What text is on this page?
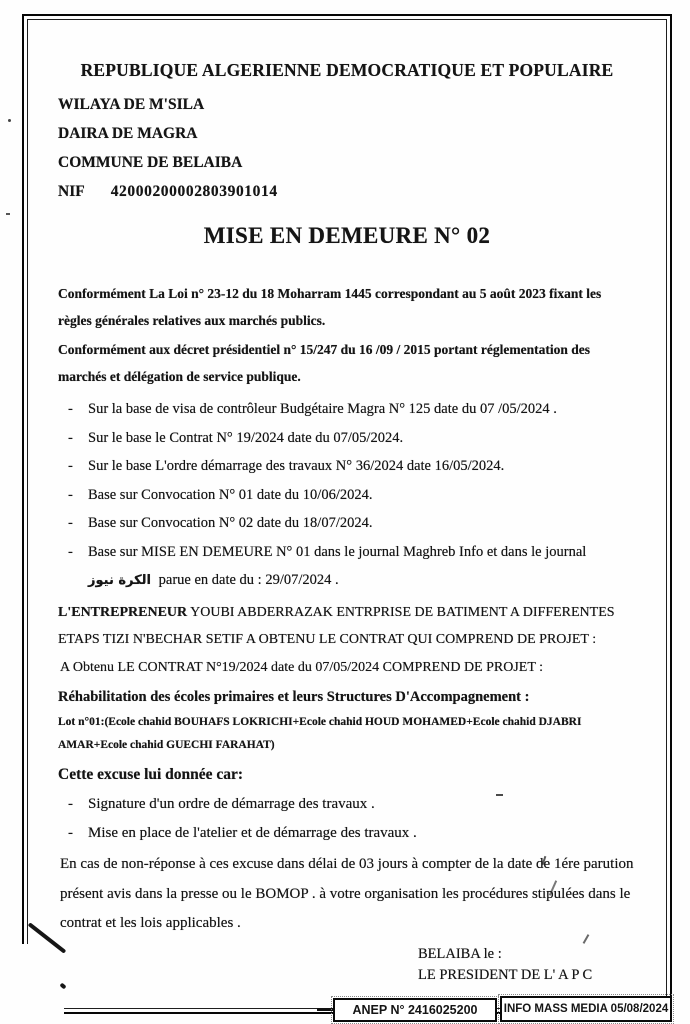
REPUBLIQUE ALGERIENNE DEMOCRATIQUE ET POPULAIRE
WILAYA DE M'SILA
DAIRA DE MAGRA
COMMUNE DE BELAIBA
NIF 42000200002803901014
MISE EN DEMEURE N° 02

Conformément La Loi n° 23-12 du 18 Moharram 1445 correspondant au 5 août 2023 fixant les règles générales relatives aux marchés publics.

Conformément aux décret présidentiel n° 15/247 du 16 /09 / 2015 portant réglementation des marchés et délégation de service publique.

-	Sur la base de visa de contrôleur Budgétaire Magra N° 125 date du 07 /05/2024 .
-	Sur le base le Contrat N° 19/2024 date du 07/05/2024.
-	Sur le base L'ordre démarrage des travaux N° 36/2024 date 16/05/2024.
-	Base sur Convocation N° 01 date du 10/06/2024.
-	Base sur Convocation N° 02 date du 18/07/2024.
-	Base sur MISE EN DEMEURE N° 01 dans le journal Maghreb Info et dans le journal
الكرة نيوز parue en date du : 29/07/2024 .
L'ENTREPRENEUR YOUBI ABDERRAZAK ENTRPRISE DE BATIMENT A DIFFERENTES ETAPS TIZI N'BECHAR SETIF A OBTENU LE CONTRAT QUI COMPREND DE PROJET :
A Obtenu LE CONTRAT N°19/2024 date du 07/05/2024 COMPREND DE PROJET :
Réhabilitation des écoles primaires et leurs Structures D'Accompagnement :
Lot n°01:(Ecole chahid BOUHAFS LOKRICHI+Ecole chahid HOUD MOHAMED+Ecole chahid DJABRI AMAR+Ecole chahid GUECHI FARAHAT)
Cette excuse lui donnée car:
-	Signature d'un ordre de démarrage des travaux .
-	Mise en place de l'atelier et de démarrage des travaux .
En cas de non-réponse à ces excuse dans délai de 03 jours à compter de la date de 1ére parution présent avis dans la presse ou le BOMOP . à votre organisation les procédures stipulées dans le contrat et les lois applicables .
BELAIBA le :
LE PRESIDENT DE L' A P C
ANEP N° 2416025200	INFO MASS MEDIA 05/08/2024
